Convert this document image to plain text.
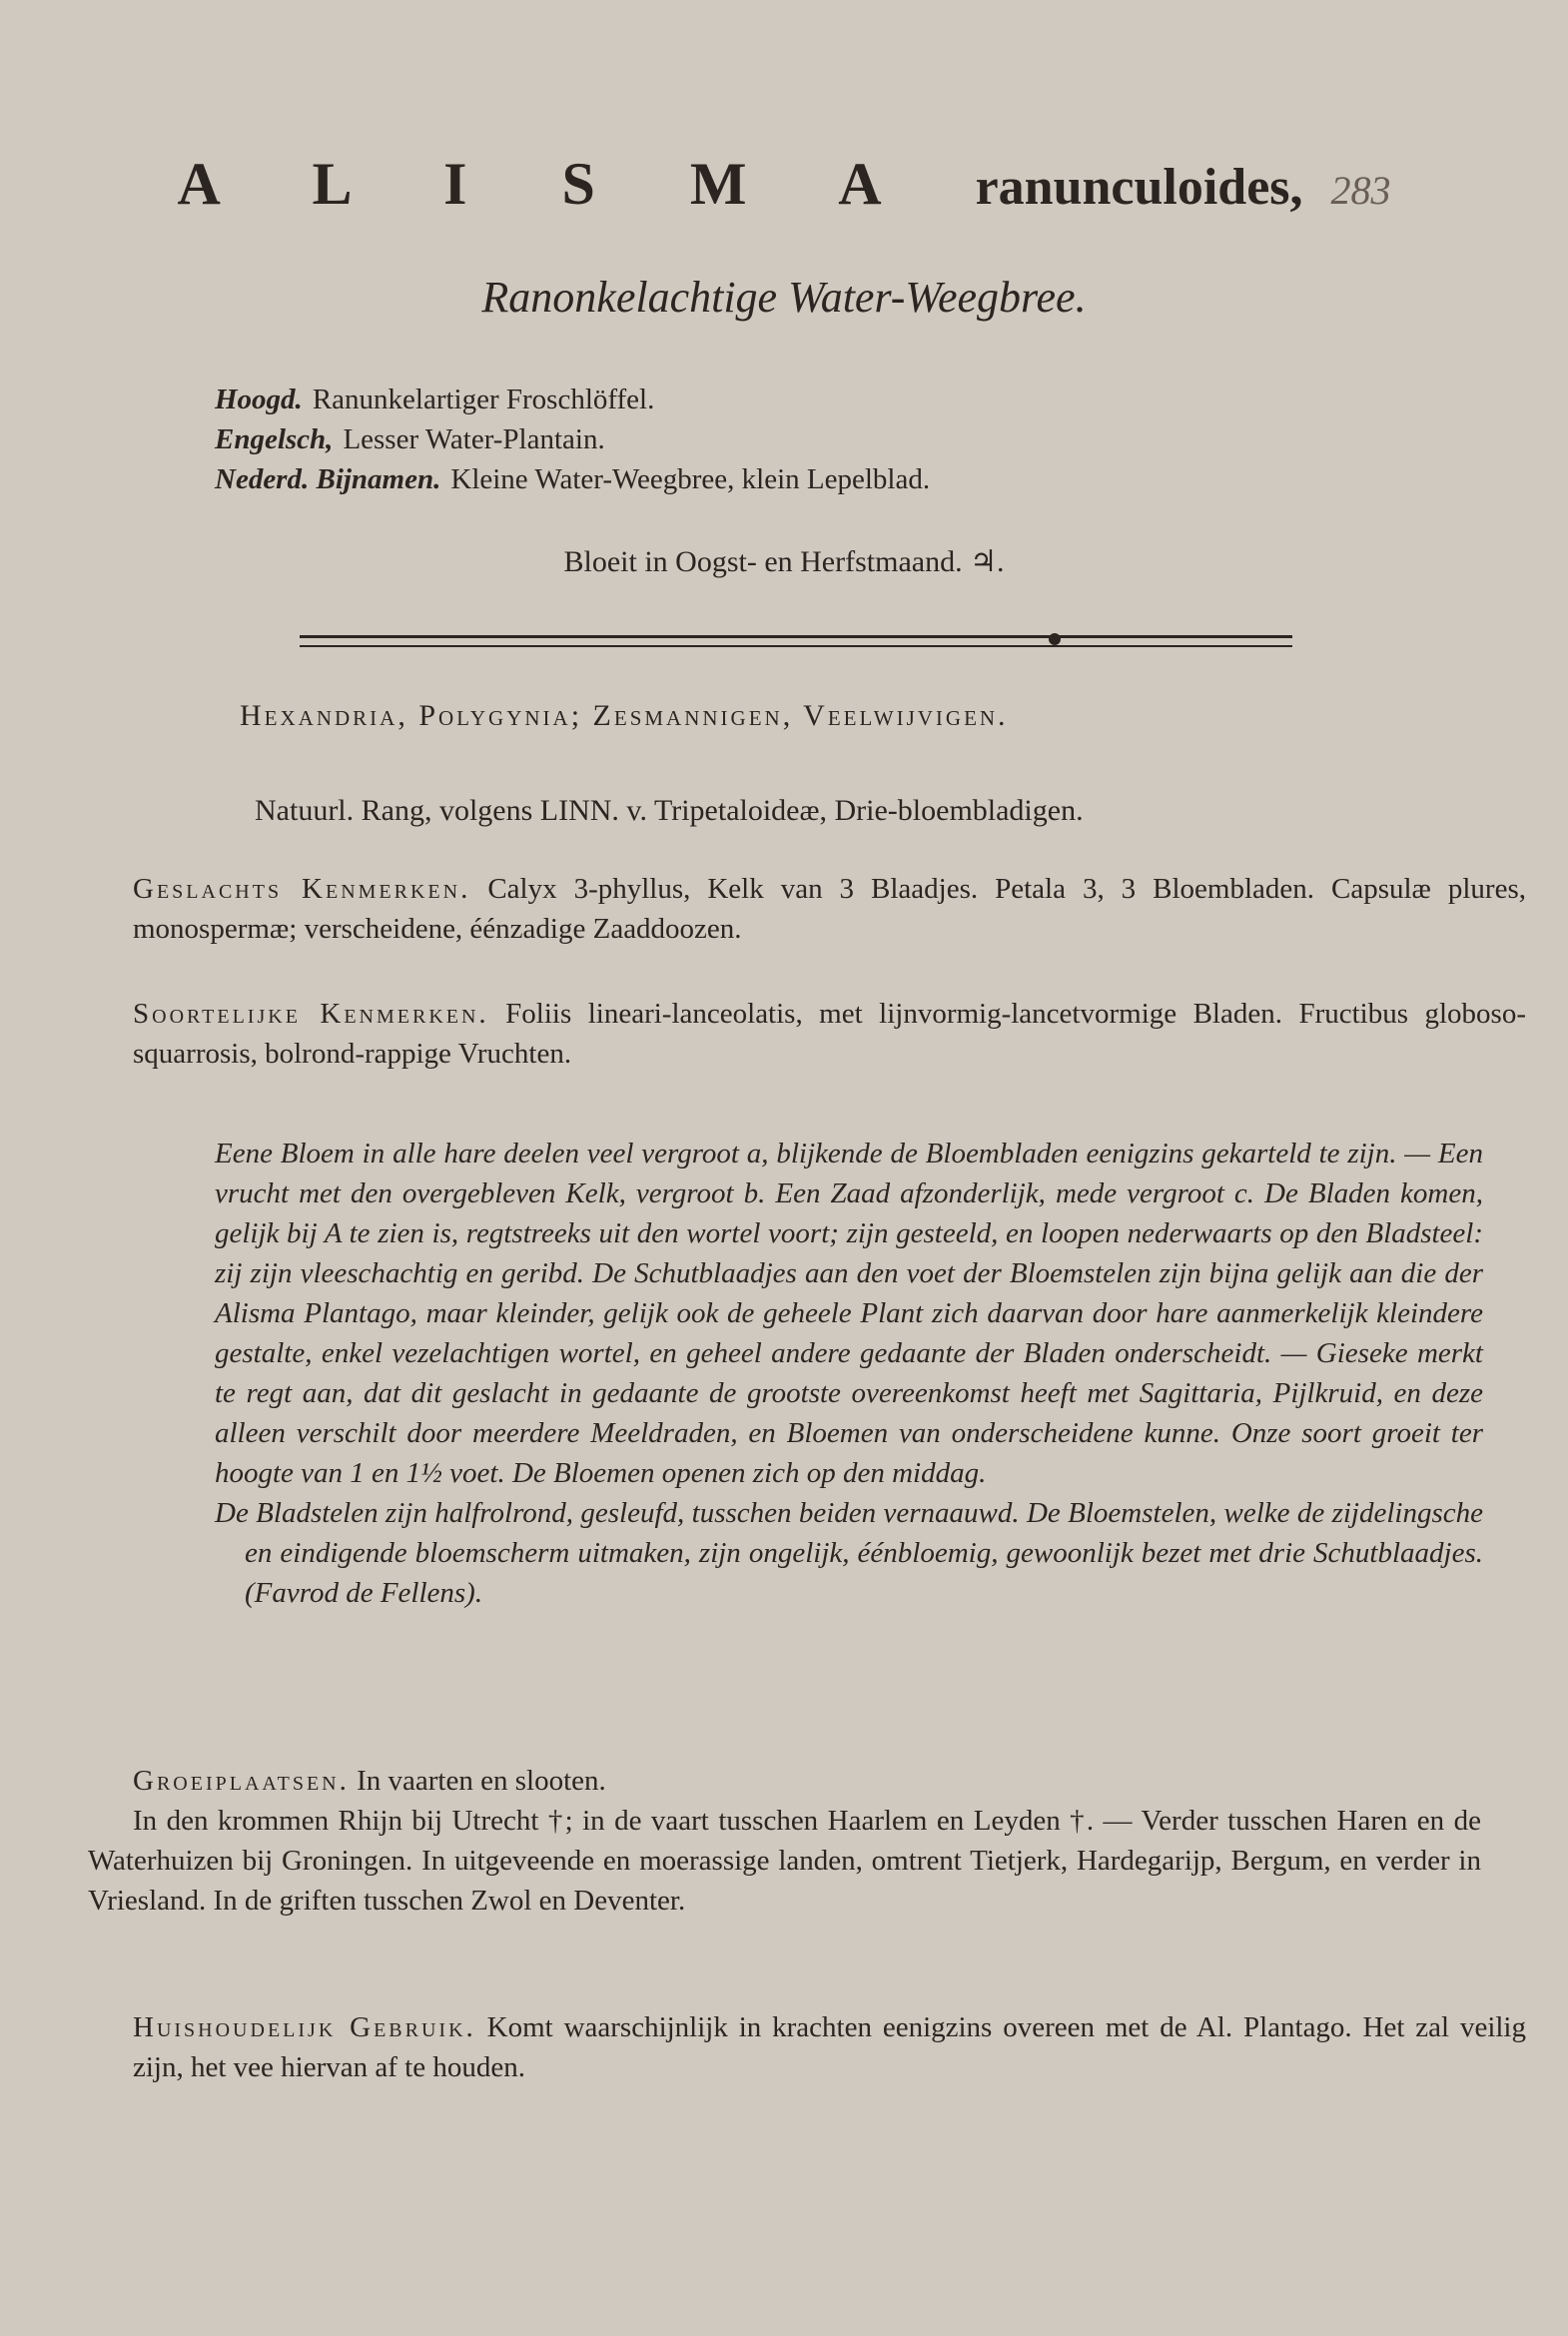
A L I S M A ranunculoides, 283
Ranonkelachtige Water-Weegbree.
Hoogd. Ranunkelartiger Froschlöffel.
Engelsch, Lesser Water-Plantain.
Nederd. Bijnamen. Kleine Water-Weegbree, klein Lepelblad.
Bloeit in Oogst- en Herfstmaand. ♃.
Hexandria, Polygynia; Zesmannigen, Veelwijvigen.
Natuurl. Rang, volgens LINN. v. Tripetaloideæ, Drie-bloembladigen.
Geslachts Kenmerken. Calyx 3-phyllus, Kelk van 3 Blaadjes. Petala 3, 3 Bloembladen. Capsulæ plures, monospermæ; verscheidene, éénzadige Zaaddoozen.
Soortelijke Kenmerken. Foliis lineari-lanceolatis, met lijnvormig-lancetvormige Bladen. Fructibus globoso-squarrosis, bolrond-rappige Vruchten.

Eene Bloem in alle hare deelen veel vergroot a, blijkende de Bloembladen eenigzins gekarteld te zijn. — Een vrucht met den overgebleven Kelk, vergroot b. Een Zaad afzonderlijk, mede vergroot c. De Bladen komen, gelijk bij A te zien is, regtstreeks uit den wortel voort; zijn gesteeld, en loopen nederwaarts op den Bladsteel: zij zijn vleeschachtig en geribd. De Schutblaadjes aan den voet der Bloemstelen zijn bijna gelijk aan die der Alisma Plantago, maar kleinder, gelijk ook de geheele Plant zich daarvan door hare aanmerkelijk kleindere gestalte, enkel vezelachtigen wortel, en geheel andere gedaante der Bladen onderscheidt. — Gieseke merkt te regt aan, dat dit geslacht in gedaante de grootste overeenkomst heeft met Sagittaria, Pijlkruid, en deze alleen verschilt door meerdere Meeldraden, en Bloemen van onderscheidene kunne. Onze soort groeit ter hoogte van 1 en 1½ voet. De Bloemen openen zich op den middag.

De Bladstelen zijn halfrolrond, gesleufd, tusschen beiden vernaauwd. De Bloemstelen, welke de zijdelingsche en eindigende bloemscherm uitmaken, zijn ongelijk, éénbloemig, gewoonlijk bezet met drie Schutblaadjes. (Favrod de Fellens).

Groeiplaatsen. In vaarten en slooten.
In den krommen Rhijn bij Utrecht †; in de vaart tusschen Haarlem en Leyden †. — Verder tusschen Haren en de Waterhuizen bij Groningen. In uitgeveende en moerassige landen, omtrent Tietjerk, Hardegarijp, Bergum, en verder in Vriesland. In de griften tusschen Zwol en Deventer.
Huishoudelijk Gebruik. Komt waarschijnlijk in krachten eenigzins overeen met de Al. Plantago. Het zal veilig zijn, het vee hiervan af te houden.
